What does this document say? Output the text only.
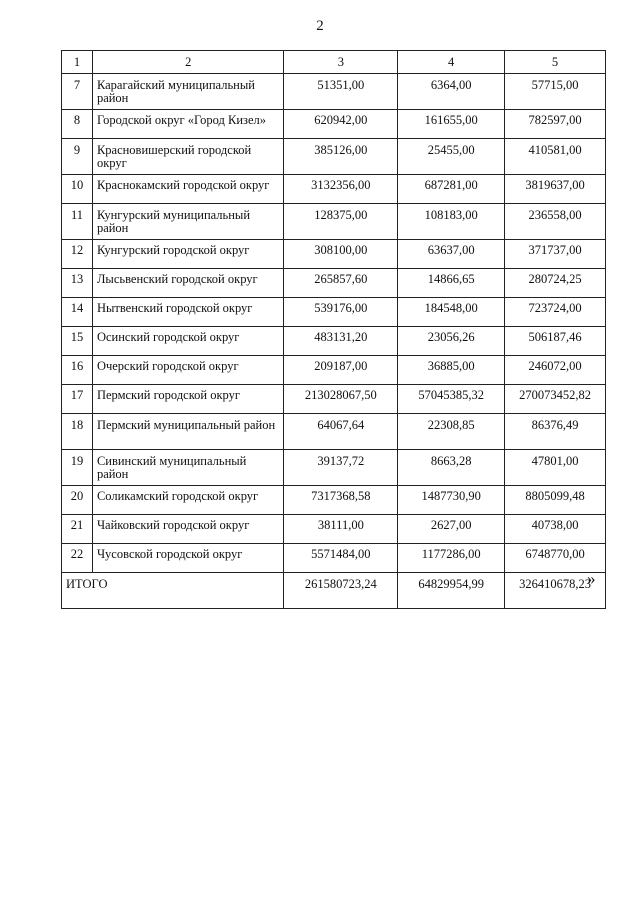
2
1	2	3	4	5
7	Карагайский муниципальный район	51351,00	6364,00	57715,00
8	Городской округ «Город Кизел»	620942,00	161655,00	782597,00
9	Красновишерский городской округ	385126,00	25455,00	410581,00
10	Краснокамский городской округ	3132356,00	687281,00	3819637,00
11	Кунгурский муниципальный район	128375,00	108183,00	236558,00
12	Кунгурский городской округ	308100,00	63637,00	371737,00
13	Лысьвенский городской округ	265857,60	14866,65	280724,25
14	Нытвенский городской округ	539176,00	184548,00	723724,00
15	Осинский городской округ	483131,20	23056,26	506187,46
16	Очерский городской округ	209187,00	36885,00	246072,00
17	Пермский городской округ	213028067,50	57045385,32	270073452,82
18	Пермский муниципальный район	64067,64	22308,85	86376,49
19	Сивинский муниципальный район	39137,72	8663,28	47801,00
20	Соликамский городской округ	7317368,58	1487730,90	8805099,48
21	Чайковский городской округ	38111,00	2627,00	40738,00
22	Чусовской городской округ	5571484,00	1177286,00	6748770,00
ИТОГО		261580723,24	64829954,99	326410678,23
»
